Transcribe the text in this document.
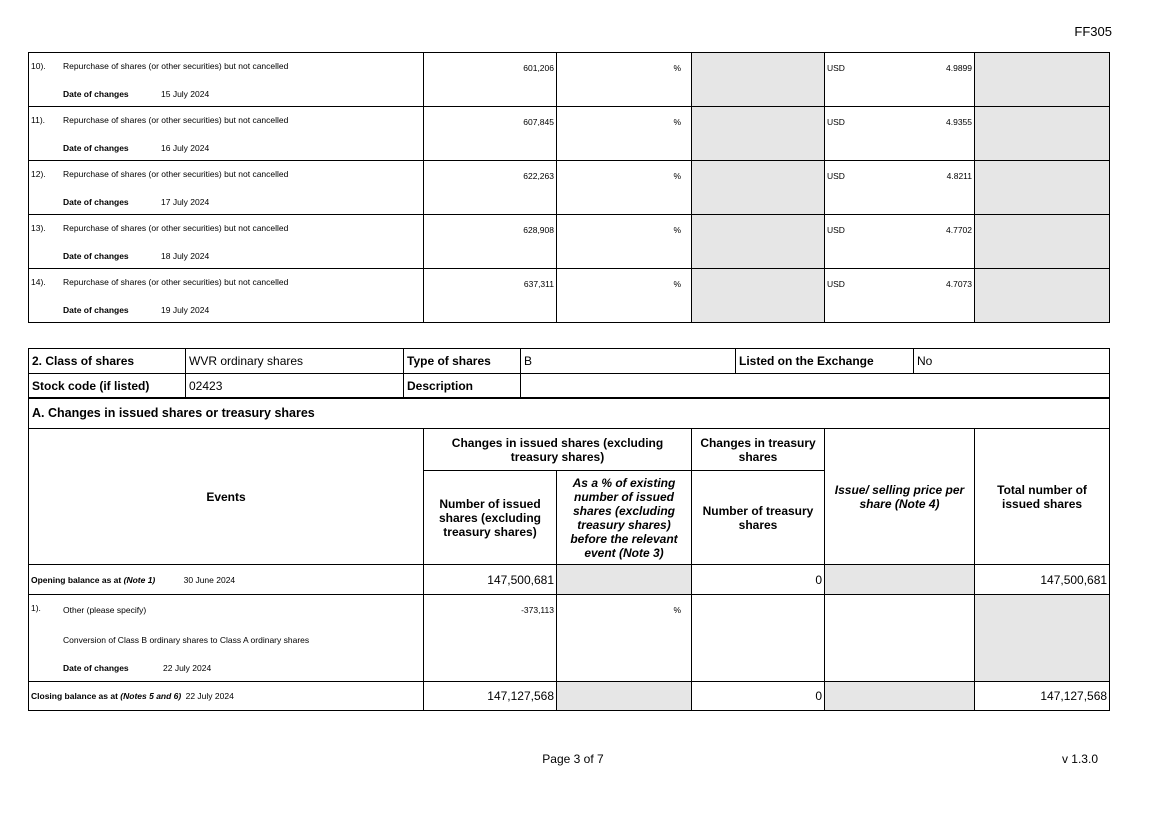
FF305
10). Repurchase of shares (or other securities) but not cancelled
Date of changes 15 July 2024	601,206	%		USD 4.9899	

11). Repurchase of shares (or other securities) but not cancelled
Date of changes 16 July 2024	607,845	%		USD 4.9355	

12). Repurchase of shares (or other securities) but not cancelled
Date of changes 17 July 2024	622,263	%		USD 4.8211	

13). Repurchase of shares (or other securities) but not cancelled
Date of changes 18 July 2024	628,908	%		USD 4.7702	

14). Repurchase of shares (or other securities) but not cancelled
Date of changes 19 July 2024	637,311	%		USD 4.7073	

2. Class of shares	WVR ordinary shares	Type of shares	B	Listed on the Exchange	No
Stock code (if listed)	02423	Description			
A. Changes in issued shares or treasury shares					
Events	Changes in issued shares (excluding treasury shares)		Changes in treasury shares	Issue/ selling price per share (Note 4)	Total number of issued shares
	Number of issued shares (excluding treasury shares)	As a % of existing number of issued shares (excluding treasury shares) before the relevant event (Note 3)	Number of treasury shares		
Opening balance as at (Note 1) 30 June 2024	147,500,681		0		147,500,681

1). Other (please specify)
Conversion of Class B ordinary shares to Class A ordinary shares
Date of changes 22 July 2024	-373,113	%			

Closing balance as at (Notes 5 and 6) 22 July 2024	147,127,568		0		147,127,568
Page 3 of 7	v 1.3.0
